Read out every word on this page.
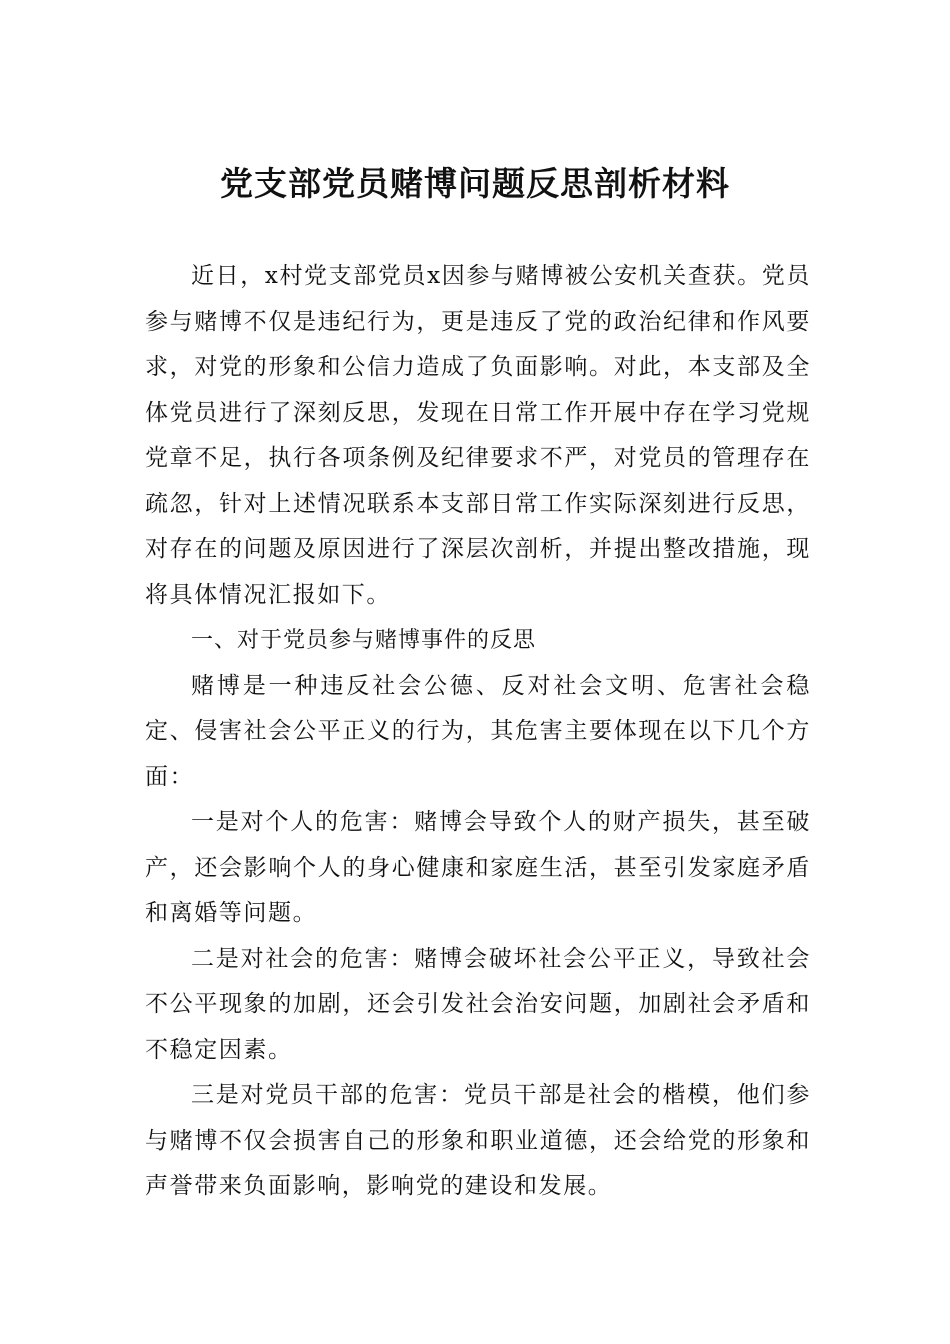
党支部党员赌博问题反思剖析材料

近日，x村党支部党员x因参与赌博被公安机关查获。党员参与赌博不仅是违纪行为，更是违反了党的政治纪律和作风要求，对党的形象和公信力造成了负面影响。对此，本支部及全体党员进行了深刻反思，发现在日常工作开展中存在学习党规党章不足，执行各项条例及纪律要求不严，对党员的管理存在疏忽，针对上述情况联系本支部日常工作实际深刻进行反思，对存在的问题及原因进行了深层次剖析，并提出整改措施，现将具体情况汇报如下。

一、对于党员参与赌博事件的反思

赌博是一种违反社会公德、反对社会文明、危害社会稳定、侵害社会公平正义的行为，其危害主要体现在以下几个方面：

一是对个人的危害：赌博会导致个人的财产损失，甚至破产，还会影响个人的身心健康和家庭生活，甚至引发家庭矛盾和离婚等问题。

二是对社会的危害：赌博会破坏社会公平正义，导致社会不公平现象的加剧，还会引发社会治安问题，加剧社会矛盾和不稳定因素。

三是对党员干部的危害：党员干部是社会的楷模，他们参与赌博不仅会损害自己的形象和职业道德，还会给党的形象和声誉带来负面影响，影响党的建设和发展。
